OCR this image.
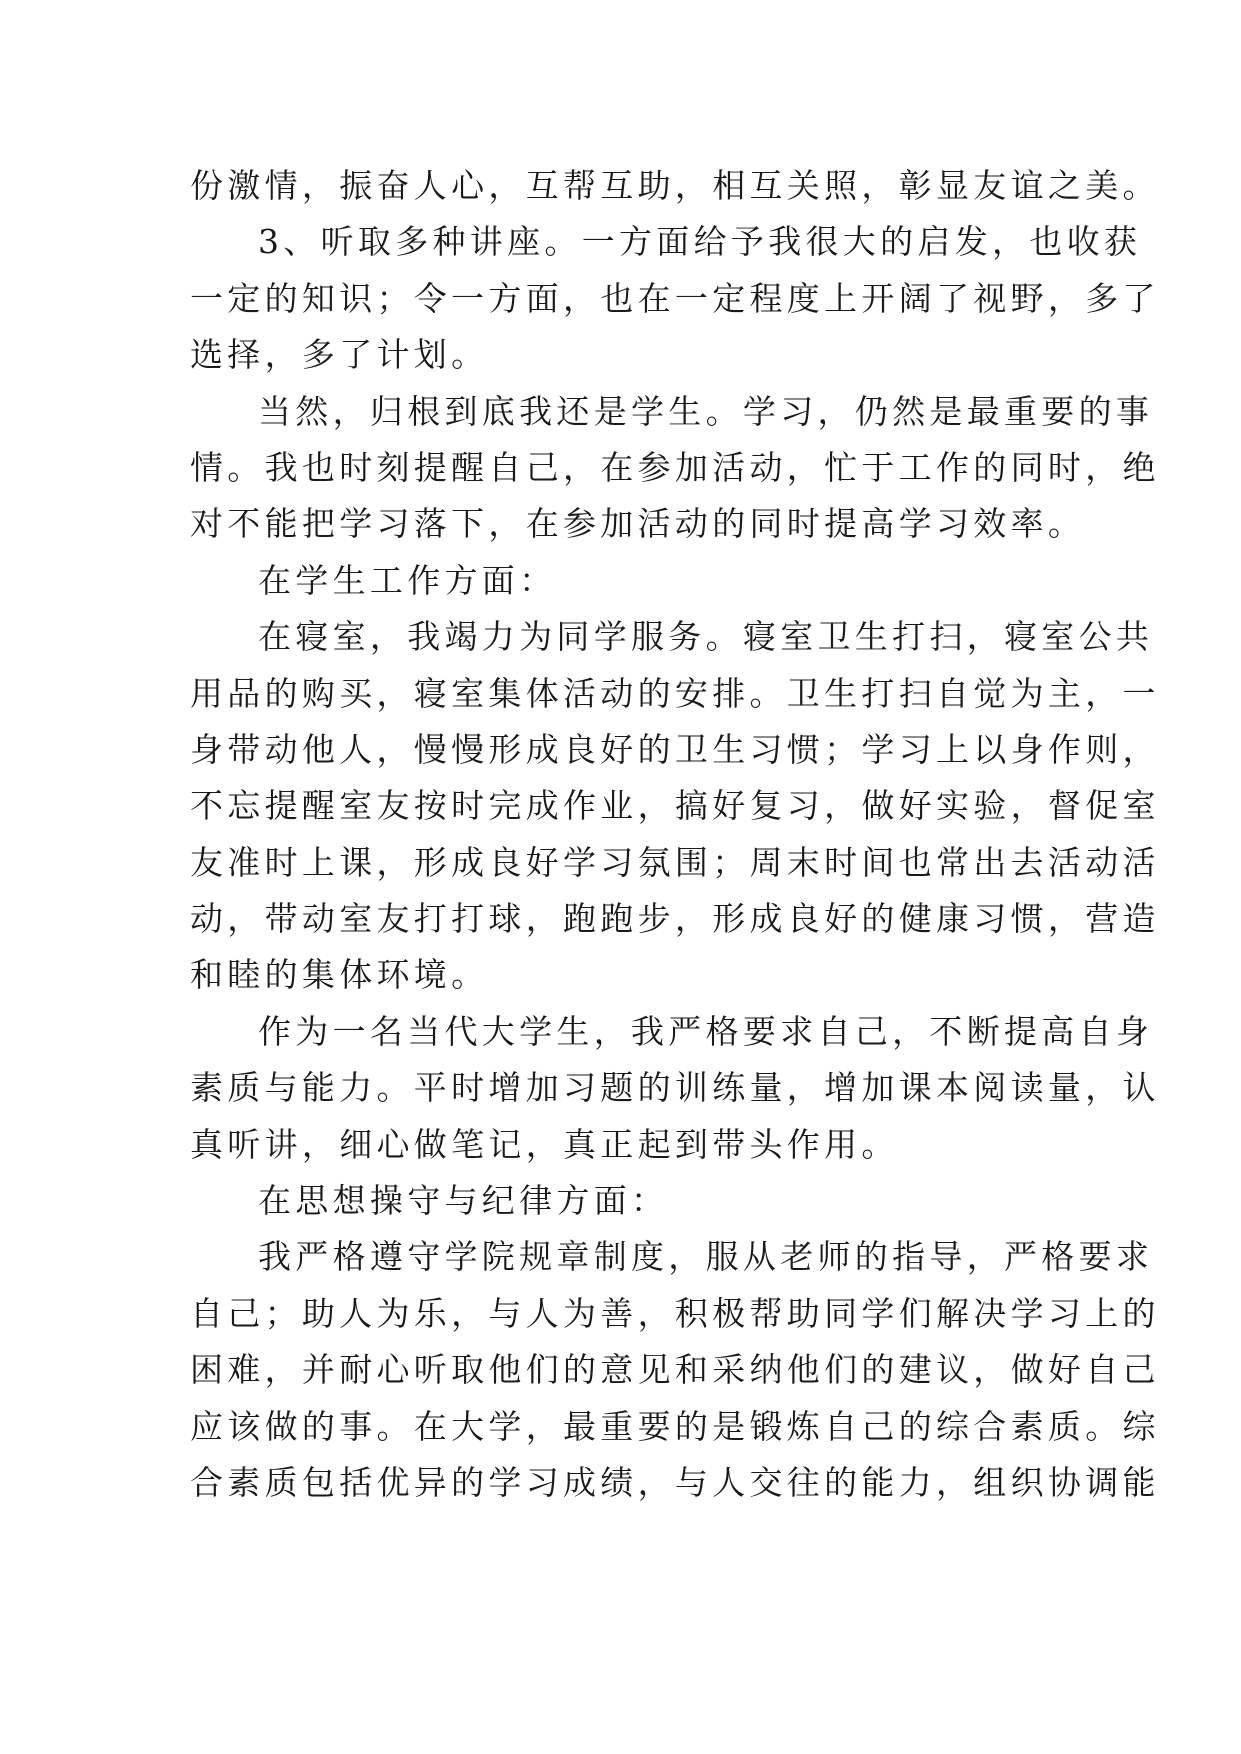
份激情，振奋人心，互帮互助，相互关照，彰显友谊之美。
3、听取多种讲座。一方面给予我很大的启发，也收获
一定的知识；令一方面，也在一定程度上开阔了视野，多了
选择，多了计划。
当然，归根到底我还是学生。学习，仍然是最重要的事
情。我也时刻提醒自己，在参加活动，忙于工作的同时，绝
对不能把学习落下，在参加活动的同时提高学习效率。
在学生工作方面：
在寝室，我竭力为同学服务。寝室卫生打扫，寝室公共
用品的购买，寝室集体活动的安排。卫生打扫自觉为主，一
身带动他人，慢慢形成良好的卫生习惯；学习上以身作则，
不忘提醒室友按时完成作业，搞好复习，做好实验，督促室
友准时上课，形成良好学习氛围；周末时间也常出去活动活
动，带动室友打打球，跑跑步，形成良好的健康习惯，营造
和睦的集体环境。
作为一名当代大学生，我严格要求自己，不断提高自身
素质与能力。平时增加习题的训练量，增加课本阅读量，认
真听讲，细心做笔记，真正起到带头作用。
在思想操守与纪律方面：
我严格遵守学院规章制度，服从老师的指导，严格要求
自己；助人为乐，与人为善，积极帮助同学们解决学习上的
困难，并耐心听取他们的意见和采纳他们的建议，做好自己
应该做的事。在大学，最重要的是锻炼自己的综合素质。综
合素质包括优异的学习成绩，与人交往的能力，组织协调能
